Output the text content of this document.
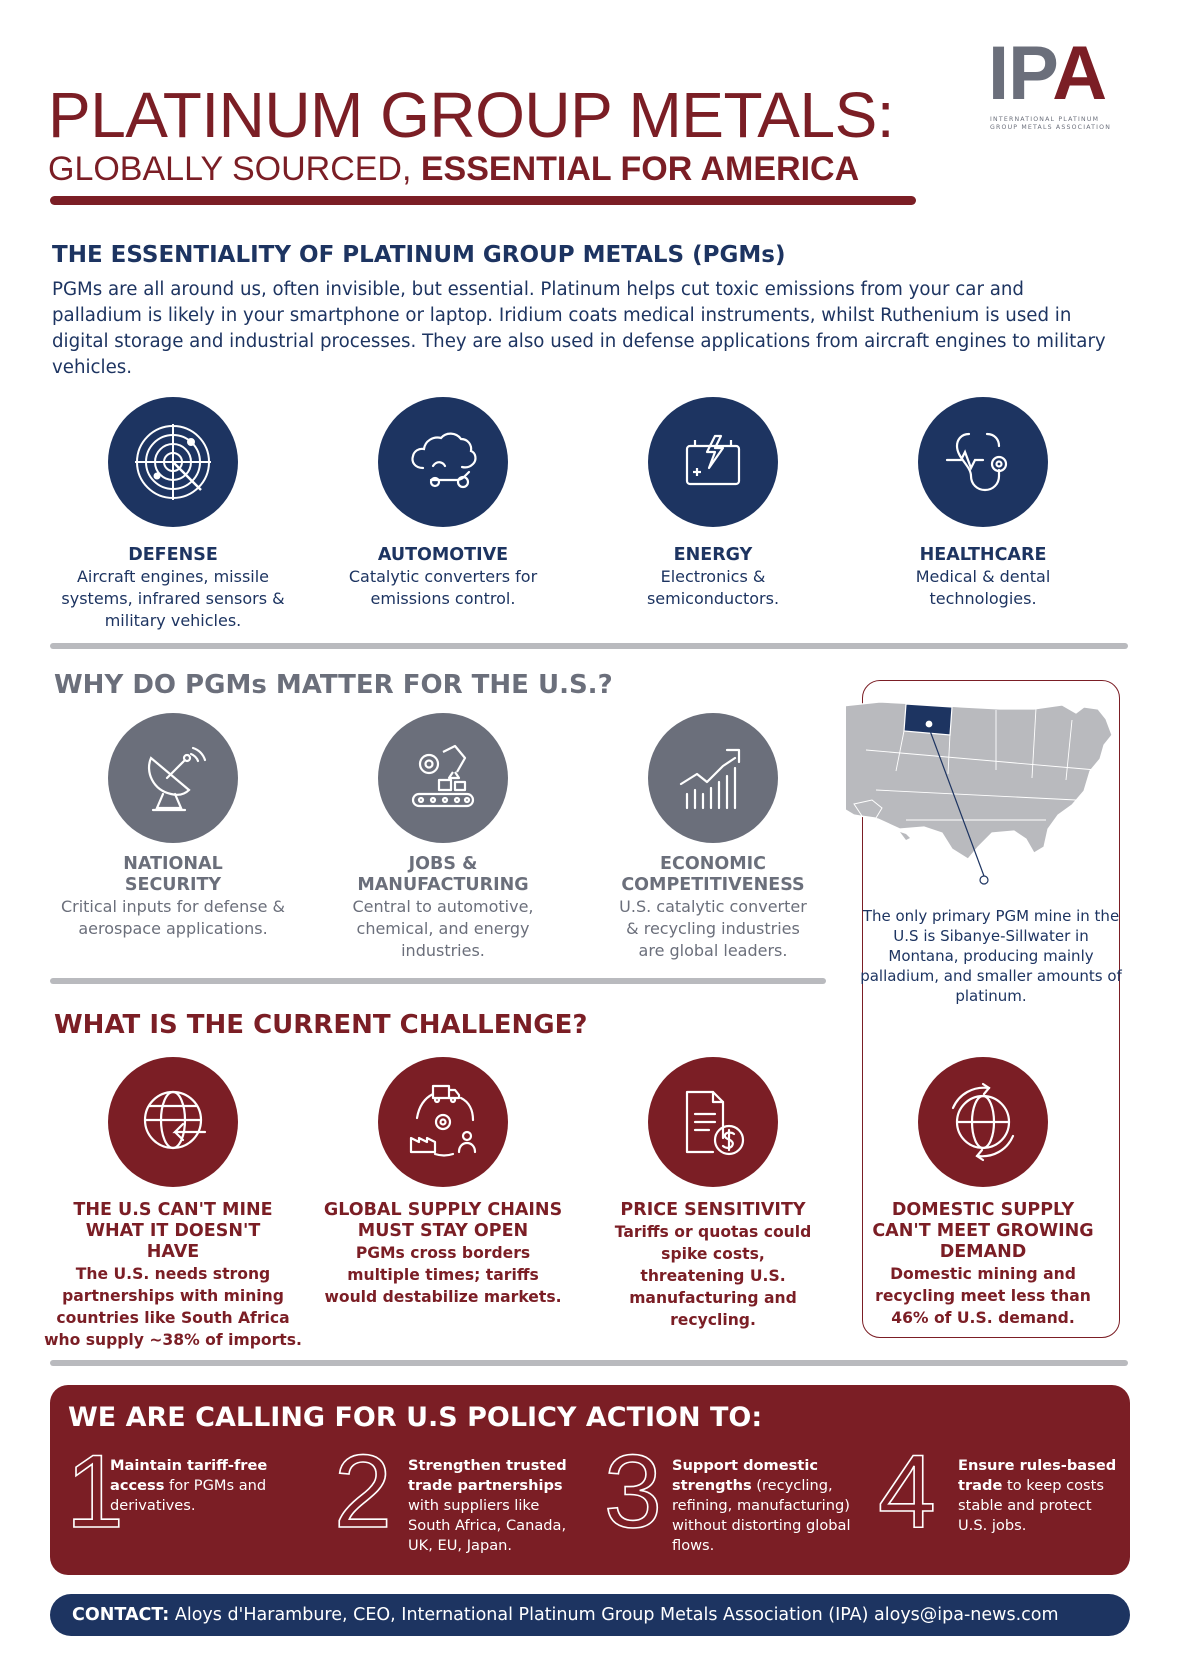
IPA
INTERNATIONAL PLATINUM GROUP METALS ASSOCIATION
PLATINUM GROUP METALS:
GLOBALLY SOURCED, ESSENTIAL FOR AMERICA
THE ESSENTIALITY OF PLATINUM GROUP METALS (PGMs)
PGMs are all around us, often invisible, but essential. Platinum helps cut toxic emissions from your car and palladium is likely in your smartphone or laptop. Iridium coats medical instruments, whilst Ruthenium is used in digital storage and industrial processes. They are also used in defense applications from aircraft engines to military vehicles.
DEFENSE
Aircraft engines, missile systems, infrared sensors & military vehicles.
AUTOMOTIVE
Catalytic converters for emissions control.
ENERGY
Electronics & semiconductors.
HEALTHCARE
Medical & dental technologies.
WHY DO PGMs MATTER FOR THE U.S.?
NATIONAL SECURITY
Critical inputs for defense & aerospace applications.
JOBS & MANUFACTURING
Central to automotive, chemical, and energy industries.
ECONOMIC COMPETITIVENESS
U.S. catalytic converter & recycling industries are global leaders.
The only primary PGM mine in the U.S is Sibanye-Sillwater in Montana, producing mainly palladium, and smaller amounts of platinum.
WHAT IS THE CURRENT CHALLENGE?
THE U.S CAN'T MINE WHAT IT DOESN'T HAVE
The U.S. needs strong partnerships with mining countries like South Africa who supply ~38% of imports.
GLOBAL SUPPLY CHAINS MUST STAY OPEN
PGMs cross borders multiple times; tariffs would destabilize markets.
PRICE SENSITIVITY
Tariffs or quotas could spike costs, threatening U.S. manufacturing and recycling.
DOMESTIC SUPPLY CAN'T MEET GROWING DEMAND
Domestic mining and recycling meet less than 46% of U.S. demand.
WE ARE CALLING FOR U.S POLICY ACTION TO:
1
Maintain tariff-free access for PGMs and derivatives.	2 Strengthen trusted trade partnerships with suppliers like South Africa, Canada, UK, EU, Japan. 3 Support domestic strengths (recycling, refining, manufacturing) without distorting global flows.	4 Ensure rules-based trade to keep costs stable and protect U.S. jobs.
CONTACT: Aloys d'Harambure, CEO, International Platinum Group Metals Association (IPA) aloys@ipa-news.com
